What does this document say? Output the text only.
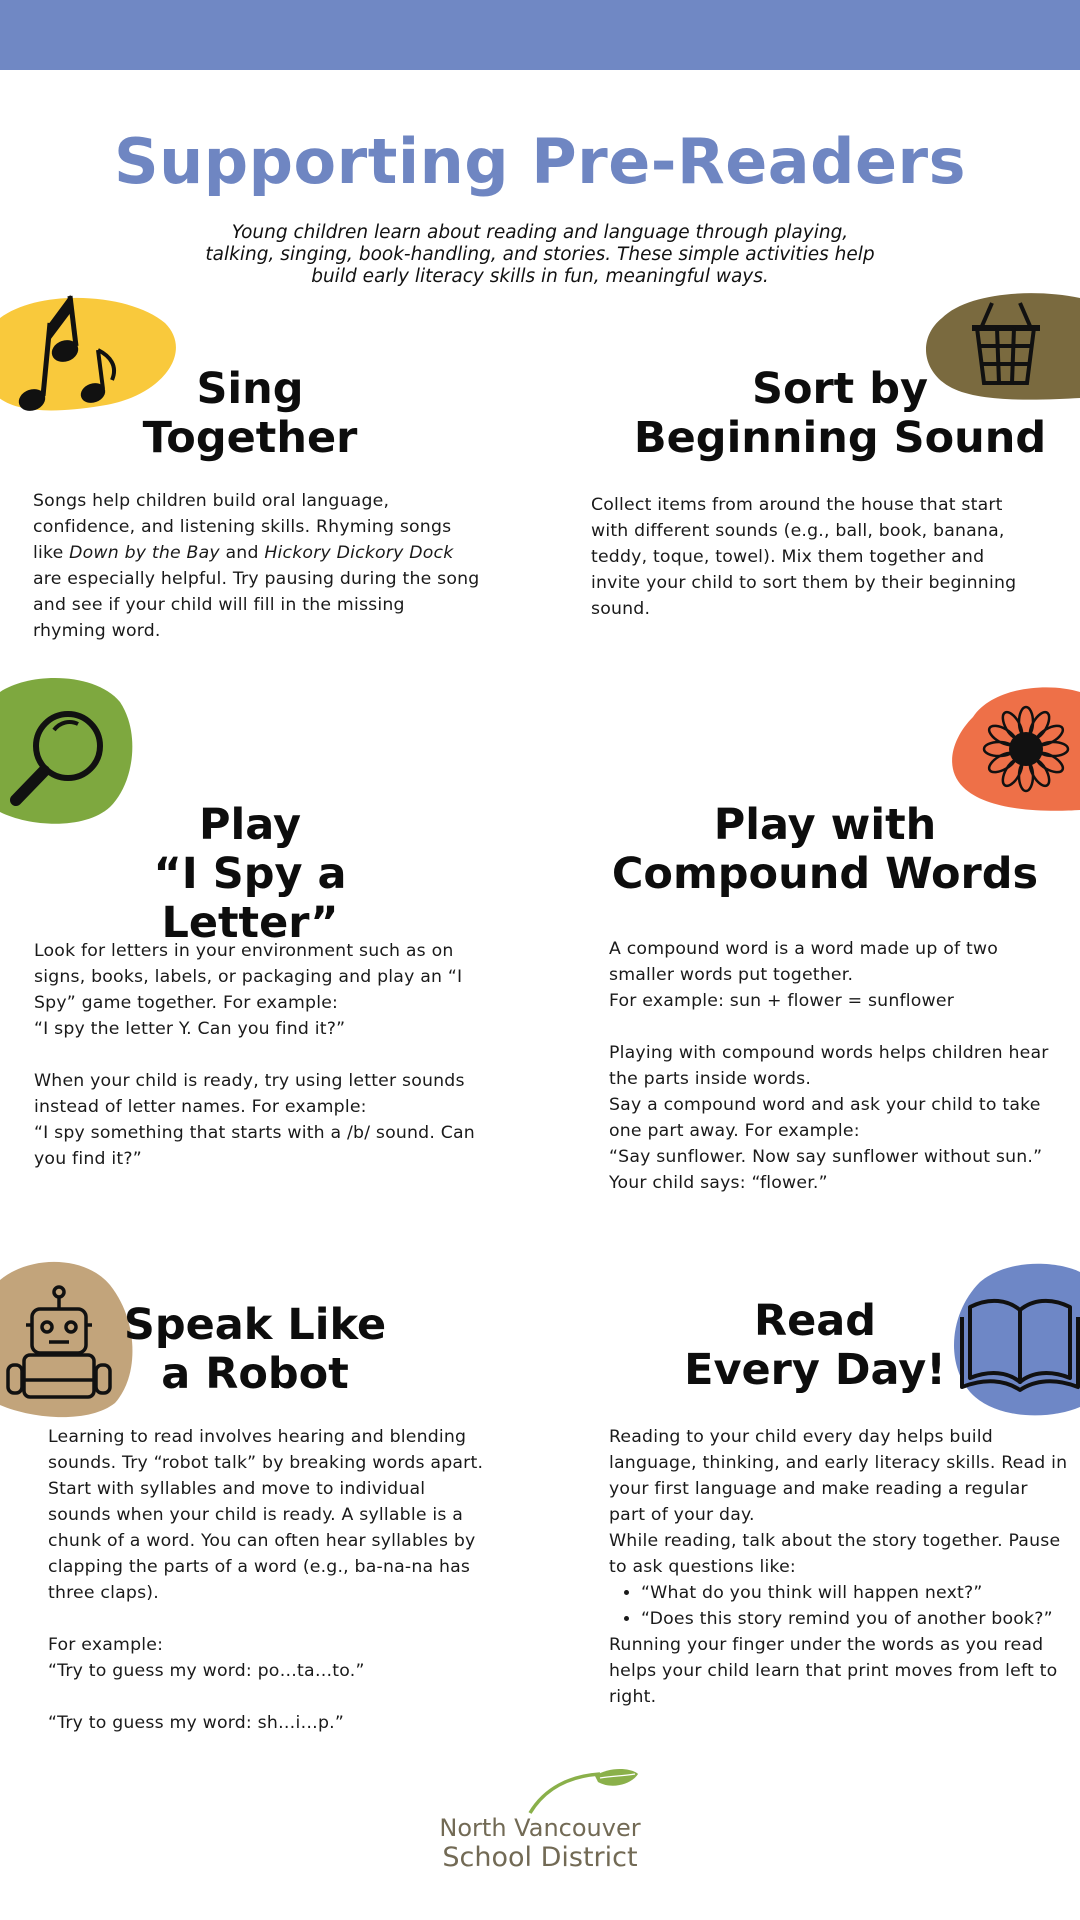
Supporting Pre-Readers
Young children learn about reading and language through playing, talking, singing, book-handling, and stories. These simple activities help build early literacy skills in fun, meaningful ways.
Sing
Together

Songs help children build oral language, confidence, and listening skills. Rhyming songs like Down by the Bay and Hickory Dickory Dock are especially helpful. Try pausing during the song and see if your child will fill in the missing rhyming word.

Sort by
Beginning Sound

Collect items from around the house that start with different sounds (e.g., ball, book, banana, teddy, toque, towel). Mix them together and invite your child to sort them by their beginning sound.

Play
“I Spy a Letter”

Look for letters in your environment such as on signs, books, labels, or packaging and play an “I Spy” game together. For example:
“I spy the letter Y. Can you find it?”

When your child is ready, try using letter sounds instead of letter names. For example:
“I spy something that starts with a /b/ sound. Can you find it?”

Play with
Compound Words

A compound word is a word made up of two smaller words put together.
For example: sun + flower = sunflower

Playing with compound words helps children hear the parts inside words.
Say a compound word and ask your child to take one part away. For example:
“Say sunflower. Now say sunflower without sun.” Your child says: “flower.”

Speak Like
a Robot

Learning to read involves hearing and blending sounds. Try “robot talk” by breaking words apart. Start with syllables and move to individual sounds when your child is ready. A syllable is a chunk of a word. You can often hear syllables by clapping the parts of a word (e.g., ba-na-na has three claps).

For example:
“Try to guess my word: po…ta…to.”

“Try to guess my word: sh…i…p.”

Read
Every Day!

Reading to your child every day helps build language, thinking, and early literacy skills. Read in your first language and make reading a regular part of your day.
While reading, talk about the story together. Pause to ask questions like:

• “What do you think will happen next?”
• “Does this story remind you of another book?”

Running your finger under the words as you read helps your child learn that print moves from left to right.

North Vancouver
School District
